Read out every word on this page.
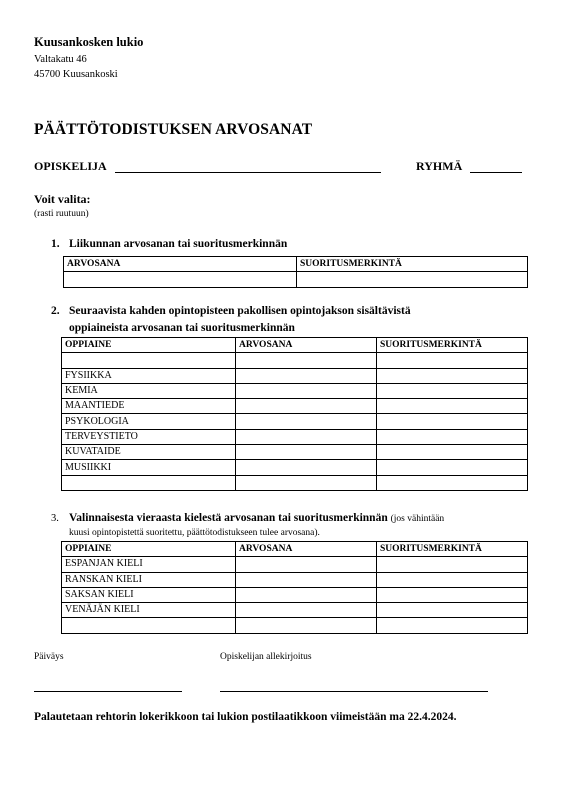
Kuusankosken lukio
Valtakatu 46
45700 Kuusankoski
PÄÄTTÖTODISTUKSEN ARVOSANAT
OPISKELIJA	RYHMÄ
Voit valita:
(rasti ruutuun)
1. Liikunnan arvosanan tai suoritusmerkinnän
ARVOSANA	SUORITUSMERKINTÄ

2. Seuraavista kahden opintopisteen pakollisen opintojakson sisältävistä
oppiaineista arvosanan tai suoritusmerkinnän
OPPIAINE	ARVOSANA	SUORITUSMERKINTÄ

FYSIIKKA		
KEMIA		
MAANTIEDE		
PSYKOLOGIA		
TERVEYSTIETO		
KUVATAIDE		
MUSIIKKI		

3. Valinnaisesta vieraasta kielestä arvosanan tai suoritusmerkinnän (jos vähintään
kuusi opintopistettä suoritettu, päättötodistukseen tulee arvosana).
OPPIAINE	ARVOSANA	SUORITUSMERKINTÄ
ESPANJAN KIELI		
RANSKAN KIELI		
SAKSAN KIELI		
VENÄJÄN KIELI		

Päiväys	Opiskelijan allekirjoitus
Palautetaan rehtorin lokerikkoon tai lukion postilaatikkoon viimeistään ma 22.4.2024.
